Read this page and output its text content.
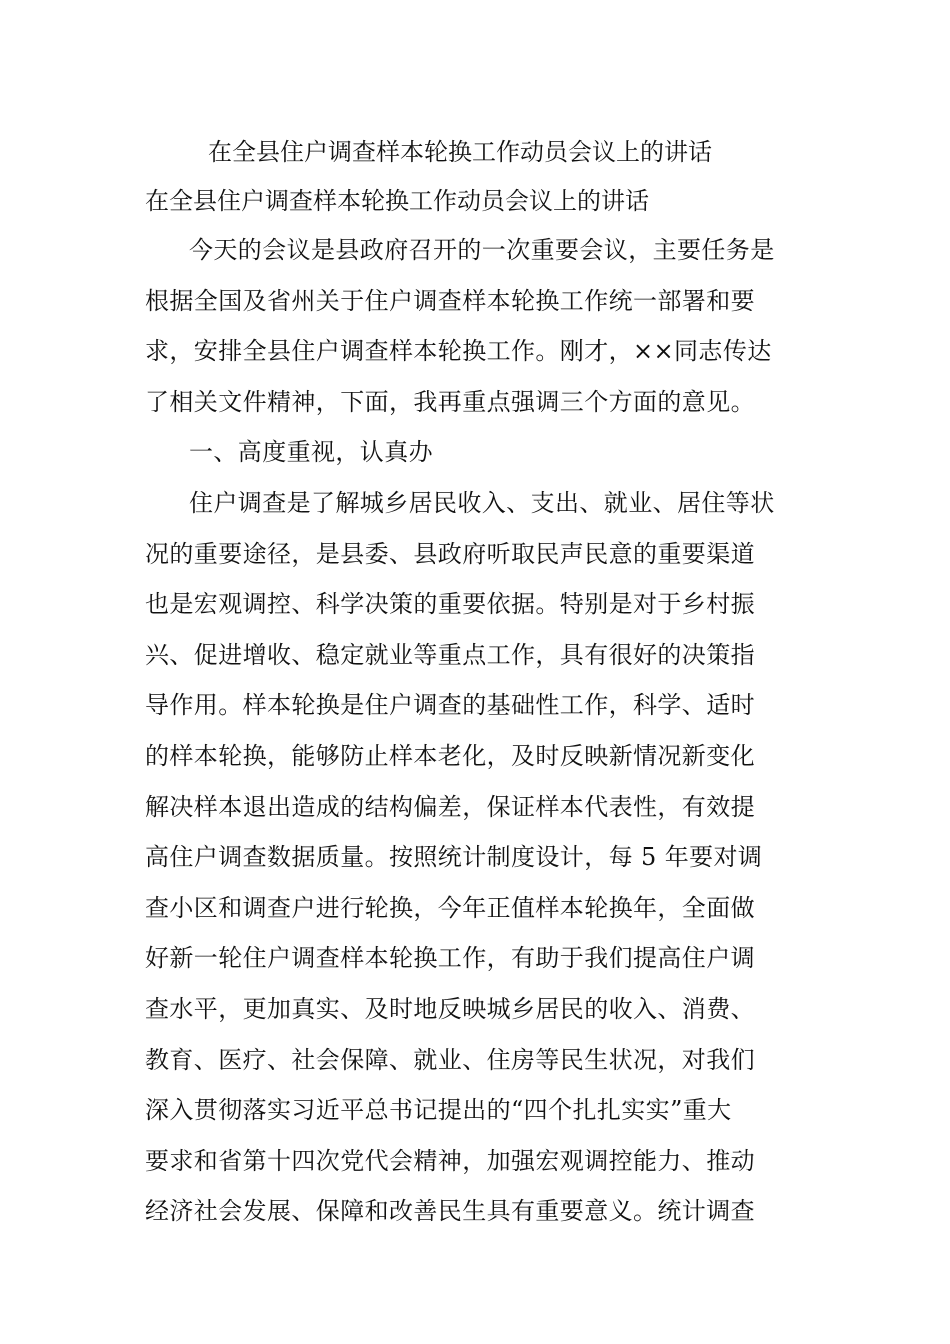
在全县住户调查样本轮换工作动员会议上的讲话
在全县住户调查样本轮换工作动员会议上的讲话
今天的会议是县政府召开的一次重要会议，主要任务是
根据全国及省州关于住户调查样本轮换工作统一部署和要
求，安排全县住户调查样本轮换工作。刚才，××同志传达
了相关文件精神，下面，我再重点强调三个方面的意见。
一、高度重视，认真办
住户调查是了解城乡居民收入、支出、就业、居住等状
况的重要途径，是县委、县政府听取民声民意的重要渠道
也是宏观调控、科学决策的重要依据。特别是对于乡村振
兴、促进增收、稳定就业等重点工作，具有很好的决策指
导作用。样本轮换是住户调查的基础性工作，科学、适时
的样本轮换，能够防止样本老化，及时反映新情况新变化
解决样本退出造成的结构偏差，保证样本代表性，有效提
高住户调查数据质量。按照统计制度设计，每 5 年要对调
查小区和调查户进行轮换，今年正值样本轮换年，全面做
好新一轮住户调查样本轮换工作，有助于我们提高住户调
查水平，更加真实、及时地反映城乡居民的收入、消费、
教育、医疗、社会保障、就业、住房等民生状况，对我们
深入贯彻落实习近平总书记提出的“四个扎扎实实”重大
要求和省第十四次党代会精神，加强宏观调控能力、推动
经济社会发展、保障和改善民生具有重要意义。统计调查
